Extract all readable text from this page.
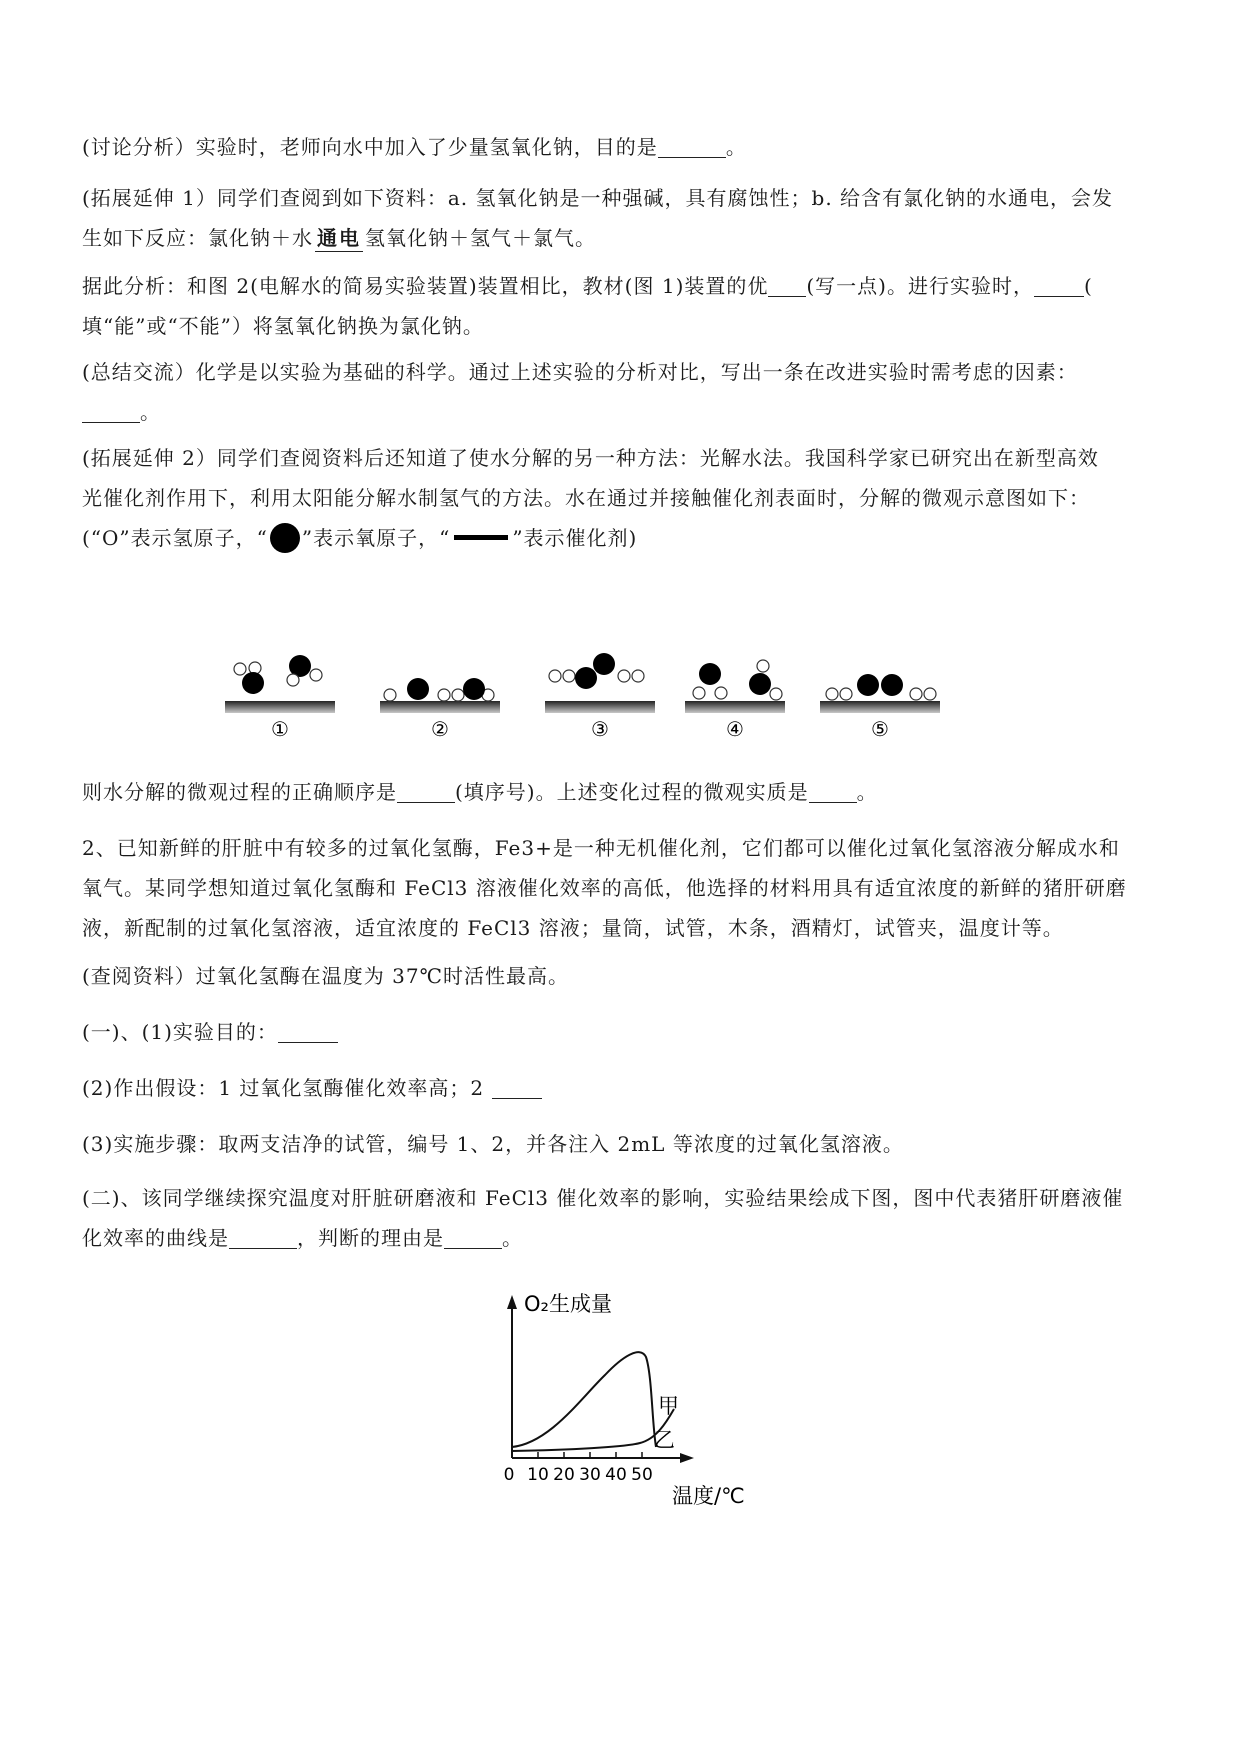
(讨论分析）实验时，老师向水中加入了少量氢氧化钠，目的是	。
(拓展延伸 1）同学们查阅到如下资料：a. 氢氧化钠是一种强碱，具有腐蚀性；b. 给含有氯化钠的水通电，会发
生如下反应：氯化钠＋水 通电 氢氧化钠＋氢气＋氯气。
据此分析：和图 2(电解水的简易实验装置)装置相比，教材(图 1)装置的优 (写一点)。进行实验时，	(
填“能”或“不能”）将氢氧化钠换为氯化钠。
(总结交流）化学是以实验为基础的科学。通过上述实验的分析对比，写出一条在改进实验时需考虑的因素：
。
(拓展延伸 2）同学们查阅资料后还知道了使水分解的另一种方法：光解水法。我国科学家已研究出在新型高效
光催化剂作用下，利用太阳能分解水制氢气的方法。水在通过并接触催化剂表面时，分解的微观示意图如下：
(“O”表示氢原子，“ ”表示氧原子，“	”表示催化剂)
①	②	③	④	⑤
则水分解的微观过程的正确顺序是	(填序号)。上述变化过程的微观实质是 。
2、已知新鲜的肝脏中有较多的过氧化氢酶，Fe3+是一种无机催化剂，它们都可以催化过氧化氢溶液分解成水和
氧气。某同学想知道过氧化氢酶和 FeCl3 溶液催化效率的高低，他选择的材料用具有适宜浓度的新鲜的猪肝研磨
液，新配制的过氧化氢溶液，适宜浓度的 FeCl3 溶液；量筒，试管，木条，酒精灯，试管夹，温度计等。
(查阅资料）过氧化氢酶在温度为 37℃时活性最高。
(一)、(1)实验目的：
(2)作出假设：1 过氧化氢酶催化效率高；2
(3)实施步骤：取两支洁净的试管，编号 1、2，并各注入 2mL 等浓度的过氧化氢溶液。
(二)、该同学继续探究温度对肝脏研磨液和 FeCl3 催化效率的影响，实验结果绘成下图，图中代表猪肝研磨液催
化效率的曲线是	，判断的理由是	。
O₂生成量
温度/℃
0 10 20 30 40 50
甲
乙
